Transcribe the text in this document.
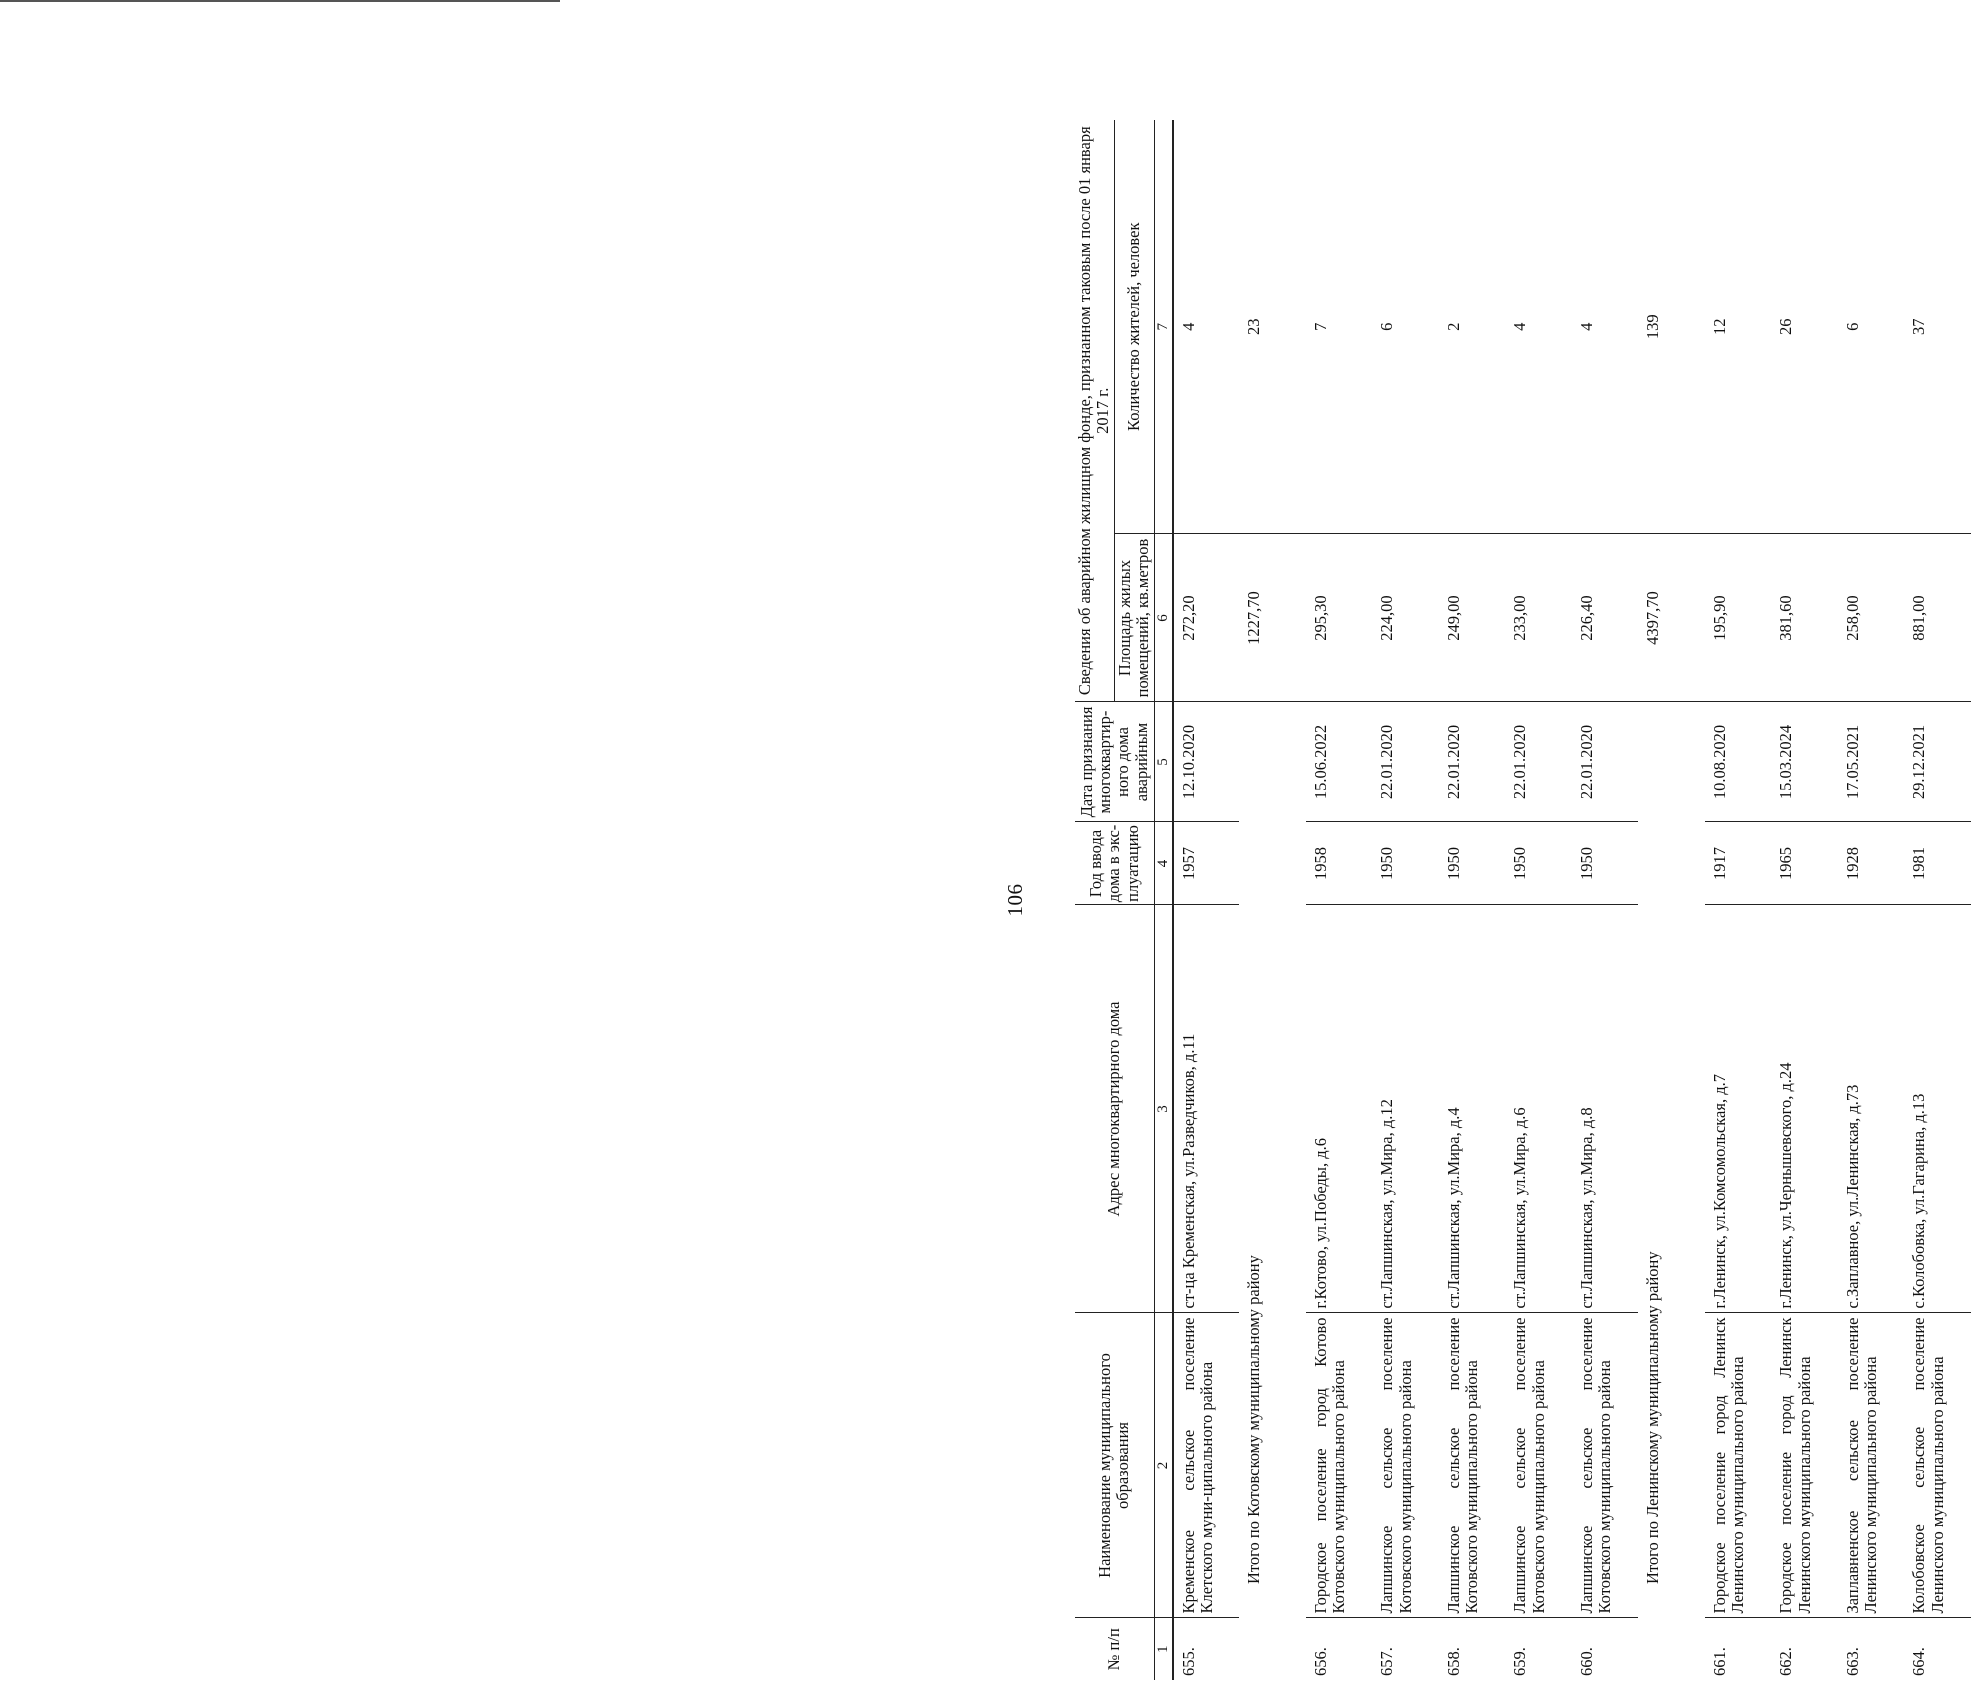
106
№ п/п	Наименование муниципального образования	Адрес многоквартирного дома	Год ввода дома в экс-плуатацию	Дата признания многоквартир-ного дома аварийным	Сведения об аварийном жилищном фонде, признанном таковым после 01 января 2017 г.	
					Площадь жилых помещений, кв.метров	Количество жителей, человек
1	2	3	4	5	6	7
655.	Кременское сельское поселение Клетского муни-ципального района	ст-ца Кременская, ул.Разведчиков, д.11	1957	12.10.2020	272,20	4
Итого по Котовскому муниципальному району					1227,70	23
656.	Городское поселение город Котово Котовского муниципального района	г.Котово, ул.Победы, д.6	1958	15.06.2022	295,30	7
657.	Лапшинское сельское поселение Котовского муниципального района	ст.Лапшинская, ул.Мира, д.12	1950	22.01.2020	224,00	6
658.	Лапшинское сельское поселение Котовского муниципального района	ст.Лапшинская, ул.Мира, д.4	1950	22.01.2020	249,00	2
659.	Лапшинское сельское поселение Котовского муниципального района	ст.Лапшинская, ул.Мира, д.6	1950	22.01.2020	233,00	4
660.	Лапшинское сельское поселение Котовского муниципального района	ст.Лапшинская, ул.Мира, д.8	1950	22.01.2020	226,40	4
Итого по Ленинскому муниципальному району					4397,70	139
661.	Городское поселение город Ленинск Ленинского муниципального района	г.Ленинск, ул.Комсомольская, д.7	1917	10.08.2020	195,90	12
662.	Городское поселение город Ленинск Ленинского муниципального района	г.Ленинск, ул.Чернышевского, д.24	1965	15.03.2024	381,60	26
663.	Заплавненское сельское поселение Ленинского муниципального района	с.Заплавное, ул.Ленинская, д.73	1928	17.05.2021	258,00	6
664.	Колобовское сельское поселение Ленинского муниципального района	с.Колобовка, ул.Гагарина, д.13	1981	29.12.2021	881,00	37
